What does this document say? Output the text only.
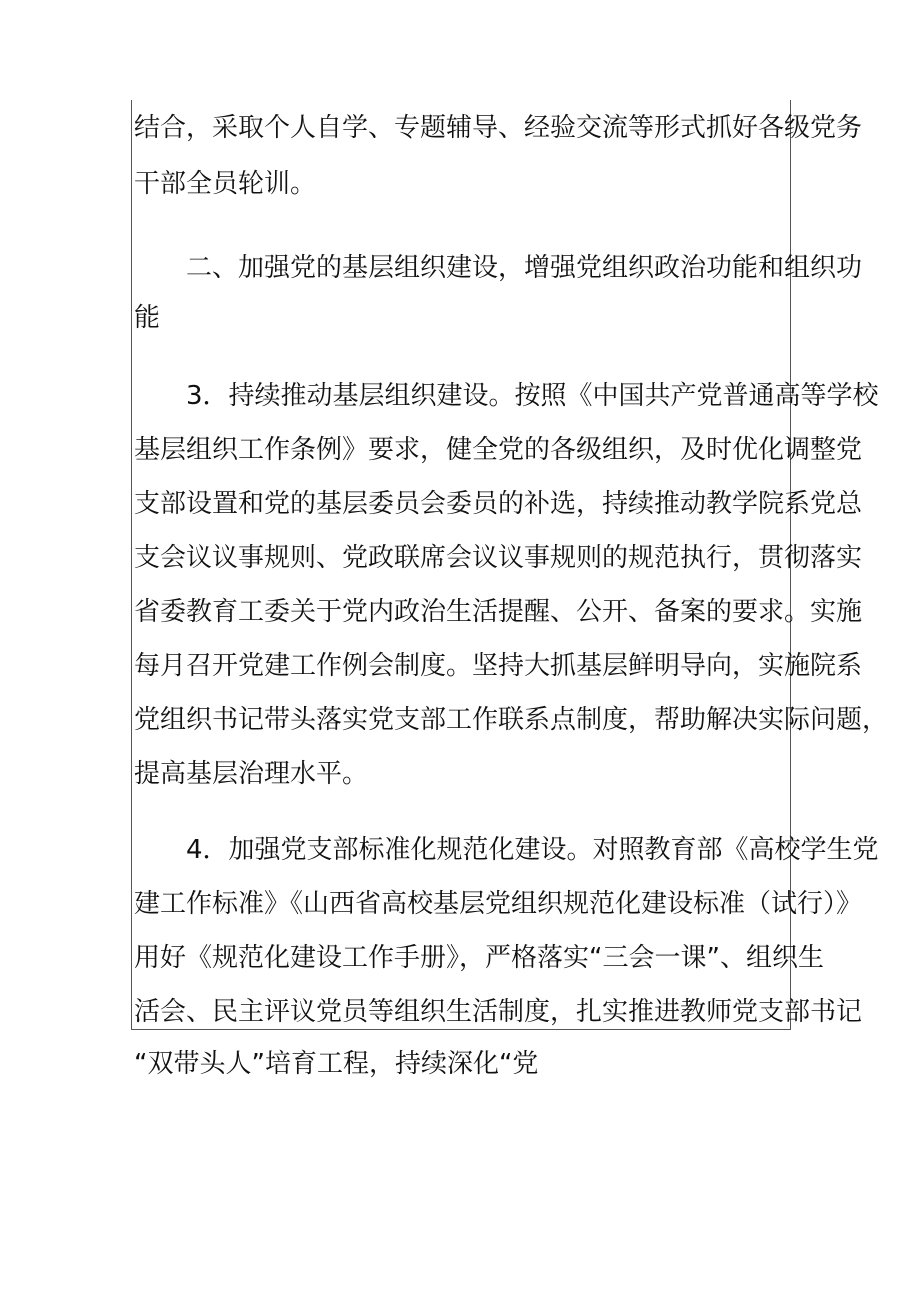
结合，采取个人自学、专题辅导、经验交流等形式抓好各级党务
干部全员轮训。
二、加强党的基层组织建设，增强党组织政治功能和组织功
能
3．持续推动基层组织建设。按照《中国共产党普通高等学校
基层组织工作条例》要求，健全党的各级组织，及时优化调整党
支部设置和党的基层委员会委员的补选，持续推动教学院系党总
支会议议事规则、党政联席会议议事规则的规范执行，贯彻落实
省委教育工委关于党内政治生活提醒、公开、备案的要求。实施
每月召开党建工作例会制度。坚持大抓基层鲜明导向，实施院系
党组织书记带头落实党支部工作联系点制度，帮助解决实际问题，
提高基层治理水平。
4．加强党支部标准化规范化建设。对照教育部《高校学生党
建工作标准》《山西省高校基层党组织规范化建设标准（试行）》
用好《规范化建设工作手册》，严格落实“三会一课”、组织生
活会、民主评议党员等组织生活制度，扎实推进教师党支部书记
“双带头人”培育工程，持续深化“党
